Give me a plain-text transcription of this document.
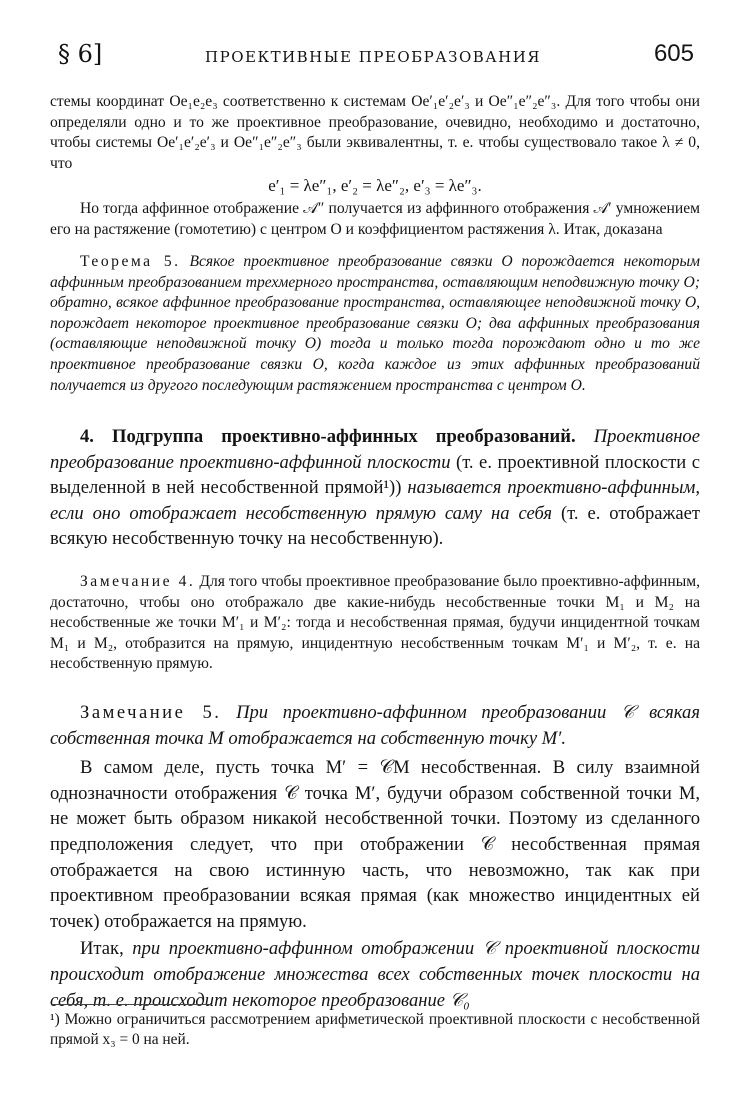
§ 6]	ПРОЕКТИВНЫЕ ПРЕОБРАЗОВАНИЯ	605

стемы координат Oe₁e₂e₃ соответственно к системам Oe′₁e′₂e′₃ и Oe″₁e″₂e″₃. Для того чтобы они определяли одно и то же проективное преобразование, очевидно, необходимо и достаточно, чтобы системы Oe′₁e′₂e′₃ и Oe″₁e″₂e″₃ были эквивалентны, т. е. чтобы существовало такое λ ≠ 0, что

e′₁ = λe″₁, e′₂ = λe″₂, e′₃ = λe″₃.

Но тогда аффинное отображение 𝒜″ получается из аффинного отображения 𝒜′ умножением его на растяжение (гомотетию) с центром O и коэффициентом растяжения λ. Итак, доказана

Теорема 5. Всякое проективное преобразование связки O порождается некоторым аффинным преобразованием трехмерного пространства, оставляющим неподвижную точку O; обратно, всякое аффинное преобразование пространства, оставляющее неподвижной точку O, порождает некоторое проективное преобразование связки O; два аффинных преобразования (оставляющие неподвижной точку O) тогда и только тогда порождают одно и то же проективное преобразование связки O, когда каждое из этих аффинных преобразований получается из другого последующим растяжением пространства с центром O.

4. Подгруппа проективно-аффинных преобразований. Проективное преобразование проективно-аффинной плоскости (т. е. проективной плоскости с выделенной в ней несобственной прямой¹)) называется проективно-аффинным, если оно отображает несобственную прямую саму на себя (т. е. отображает всякую несобственную точку на несобственную).

Замечание 4. Для того чтобы проективное преобразование было проективно-аффинным, достаточно, чтобы оно отображало две какие-нибудь несобственные точки M₁ и M₂ на несобственные же точки M′₁ и M′₂: тогда и несобственная прямая, будучи инцидентной точкам M₁ и M₂, отобразится на прямую, инцидентную несобственным точкам M′₁ и M′₂, т. е. на несобственную прямую.

Замечание 5. При проективно-аффинном преобразовании 𝒞 всякая собственная точка M отображается на собственную точку M′.

В самом деле, пусть точка M′ = 𝒞M несобственная. В силу взаимной однозначности отображения 𝒞 точка M′, будучи образом собственной точки M, не может быть образом никакой несобственной точки. Поэтому из сделанного предположения следует, что при отображении 𝒞 несобственная прямая отображается на свою истинную часть, что невозможно, так как при проективном преобразовании всякая прямая (как множество инцидентных ей точек) отображается на прямую.

Итак, при проективно-аффинном отображении 𝒞 проективной плоскости происходит отображение множества всех собственных точек плоскости на себя, т. е. происходит некоторое преобразование 𝒞₀

¹) Можно ограничиться рассмотрением арифметической проективной плоскости с несобственной прямой x₃ = 0 на ней.
